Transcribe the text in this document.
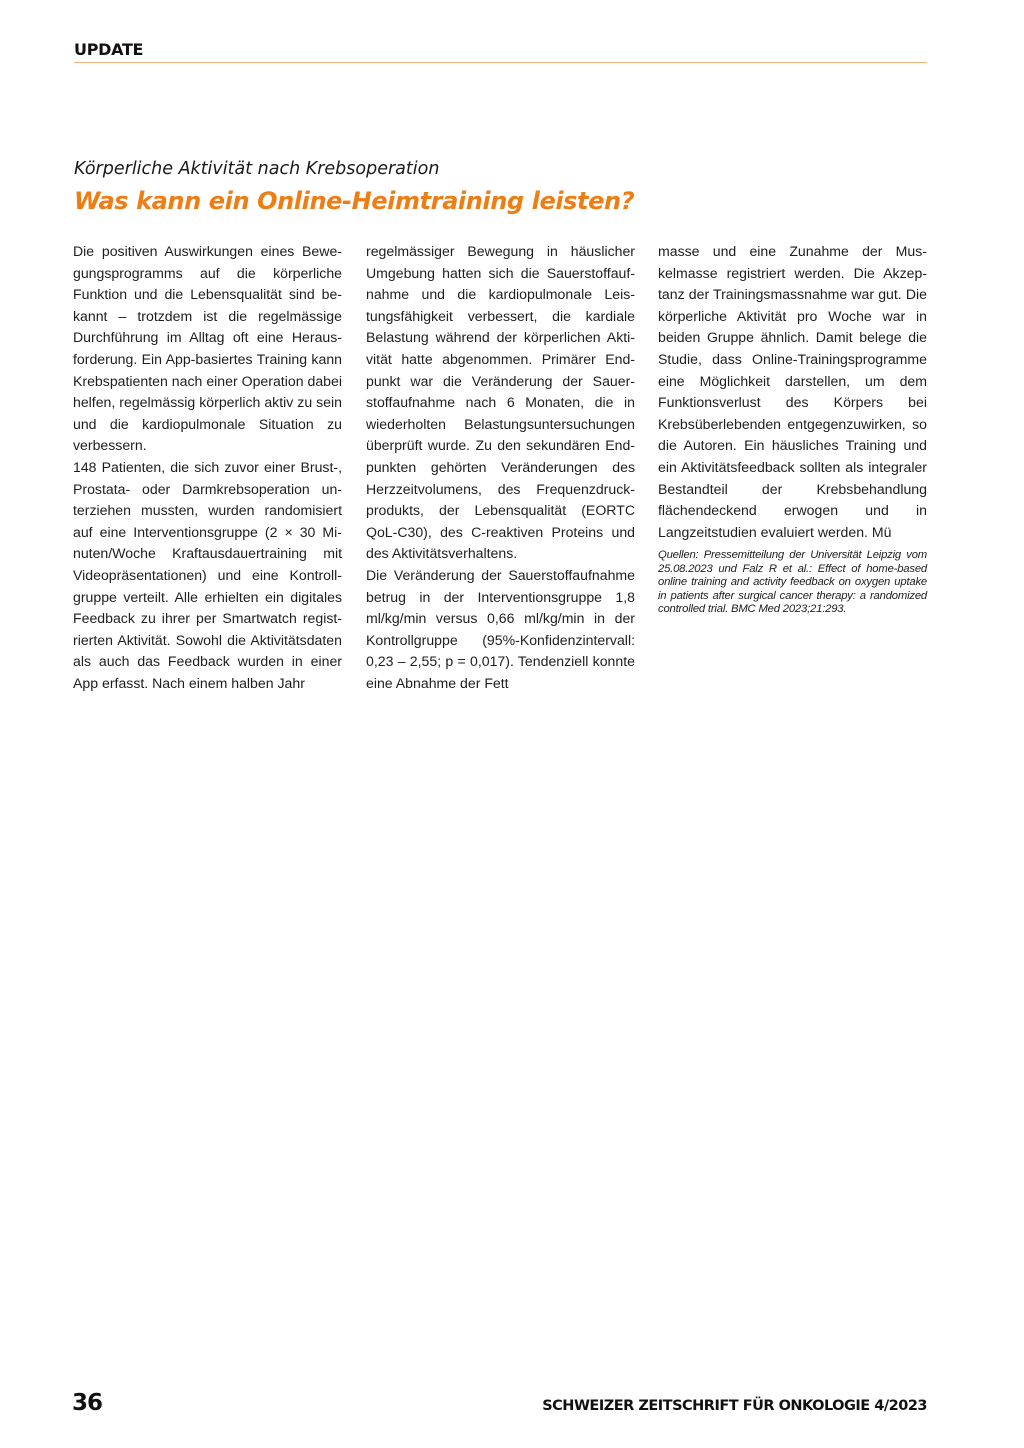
UPDATE
Körperliche Aktivität nach Krebsoperation
Was kann ein Online-Heimtraining leisten?

Die positiven Auswirkungen eines Bewegungsprogramms auf die körperliche Funktion und die Lebensqualität sind bekannt – trotzdem ist die regelmässige Durchführung im Alltag oft eine Herausforderung. Ein App-basiertes Training kann Krebspatienten nach einer Operation dabei helfen, regelmässig körperlich aktiv zu sein und die kardiopulmonale Situation zu verbessern.

148 Patienten, die sich zuvor einer Brust-, Prostata- oder Darmkrebsoperation unterziehen mussten, wurden randomisiert auf eine Interventionsgruppe (2 × 30 Minuten/Woche Kraftausdauertraining mit Videopräsentationen) und eine Kontrollgruppe verteilt. Alle erhielten ein digitales Feedback zu ihrer per Smartwatch registrierten Aktivität. Sowohl die Aktivitätsdaten als auch das Feedback wurden in einer App erfasst. Nach einem halben Jahr

regelmässiger Bewegung in häuslicher Umgebung hatten sich die Sauerstoffaufnahme und die kardiopulmonale Leistungsfähigkeit verbessert, die kardiale Belastung während der körperlichen Aktivität hatte abgenommen. Primärer Endpunkt war die Veränderung der Sauerstoffaufnahme nach 6 Monaten, die in wiederholten Belastungsuntersuchungen überprüft wurde. Zu den sekundären Endpunkten gehörten Veränderungen des Herzzeitvolumens, des Frequenzdruckprodukts, der Lebensqualität (EORTC QoL-C30), des C-reaktiven Proteins und des Aktivitätsverhaltens.

Die Veränderung der Sauerstoffaufnahme betrug in der Interventionsgruppe 1,8 ml/kg/min versus 0,66 ml/kg/min in der Kontrollgruppe (95%-Konfidenzintervall: 0,23 – 2,55; p = 0,017). Tendenziell konnte eine Abnahme der Fett

masse und eine Zunahme der Muskelmasse registriert werden. Die Akzeptanz der Trainingsmassnahme war gut. Die körperliche Aktivität pro Woche war in beiden Gruppe ähnlich. Damit belege die Studie, dass Online-Trainingsprogramme eine Möglichkeit darstellen, um dem Funktionsverlust des Körpers bei Krebsüberlebenden entgegenzuwirken, so die Autoren. Ein häusliches Training und ein Aktivitätsfeedback sollten als integraler Bestandteil der Krebsbehandlung flächendeckend erwogen und in Langzeitstudien evaluiert werden. Mü

Quellen: Pressemitteilung der Universität Leipzig vom 25.08.2023 und Falz R et al.: Effect of home-based online training and activity feedback on oxygen uptake in patients after surgical cancer therapy: a randomized controlled trial. BMC Med 2023;21:293.

36	SCHWEIZER ZEITSCHRIFT FÜR ONKOLOGIE 4/2023
